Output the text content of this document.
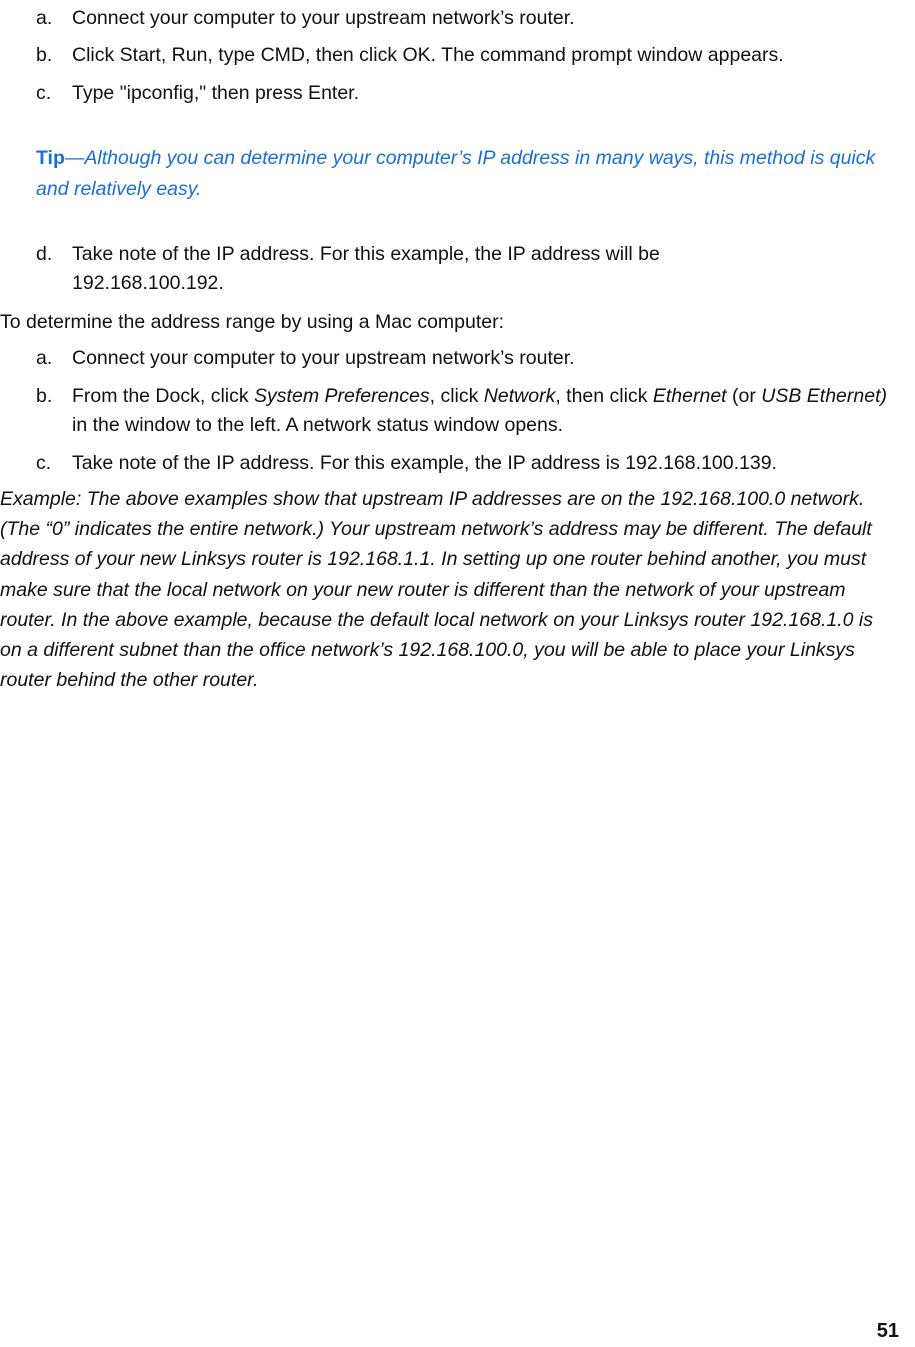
a.	Connect your computer to your upstream network’s router.
b.	Click Start, Run, type CMD, then click OK. The command prompt window appears.
c.	Type "ipconfig," then press Enter.
Tip—Although you can determine your computer’s IP address in many ways, this method is quick and relatively easy.
d.	Take note of the IP address. For this example, the IP address will be 192.168.100.192.
To determine the address range by using a Mac computer:
a.	Connect your computer to your upstream network’s router.
b.	From the Dock, click System Preferences, click Network, then click Ethernet (or USB Ethernet) in the window to the left. A network status window opens.
c.	Take note of the IP address. For this example, the IP address is 192.168.100.139.
Example: The above examples show that upstream IP addresses are on the 192.168.100.0 network. (The “0” indicates the entire network.) Your upstream network’s address may be different. The default address of your new Linksys router is 192.168.1.1. In setting up one router behind another, you must make sure that the local network on your new router is different than the network of your upstream router. In the above example, because the default local network on your Linksys router 192.168.1.0 is on a different subnet than the office network’s 192.168.100.0, you will be able to place your Linksys router behind the other router.
51
